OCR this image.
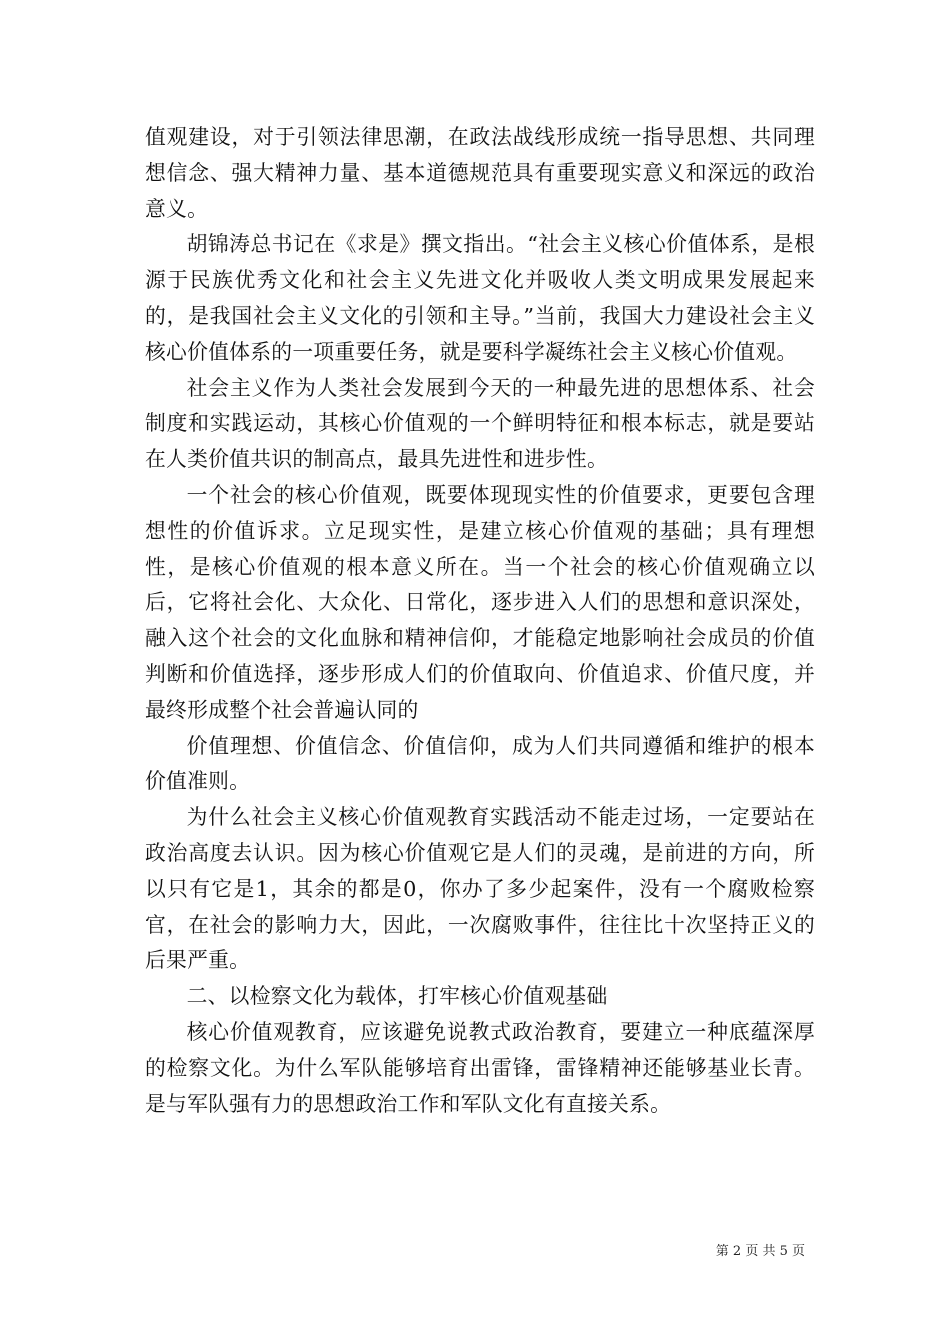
值观建设，对于引领法律思潮，在政法战线形成统一指导思想、共同理想信念、强大精神力量、基本道德规范具有重要现实意义和深远的政治意义。

胡锦涛总书记在《求是》撰文指出。“社会主义核心价值体系，是根源于民族优秀文化和社会主义先进文化并吸收人类文明成果发展起来的，是我国社会主义文化的引领和主导。”当前，我国大力建设社会主义核心价值体系的一项重要任务，就是要科学凝练社会主义核心价值观。

社会主义作为人类社会发展到今天的一种最先进的思想体系、社会制度和实践运动，其核心价值观的一个鲜明特征和根本标志，就是要站在人类价值共识的制高点，最具先进性和进步性。

一个社会的核心价值观，既要体现现实性的价值要求，更要包含理想性的价值诉求。立足现实性，是建立核心价值观的基础；具有理想性，是核心价值观的根本意义所在。当一个社会的核心价值观确立以后，它将社会化、大众化、日常化，逐步进入人们的思想和意识深处，融入这个社会的文化血脉和精神信仰，才能稳定地影响社会成员的价值判断和价值选择，逐步形成人们的价值取向、价值追求、价值尺度，并最终形成整个社会普遍认同的

价值理想、价值信念、价值信仰，成为人们共同遵循和维护的根本价值准则。

为什么社会主义核心价值观教育实践活动不能走过场，一定要站在政治高度去认识。因为核心价值观它是人们的灵魂，是前进的方向，所以只有它是1，其余的都是0，你办了多少起案件，没有一个腐败检察官，在社会的影响力大，因此，一次腐败事件，往往比十次坚持正义的后果严重。

二、以检察文化为载体，打牢核心价值观基础

核心价值观教育，应该避免说教式政治教育，要建立一种底蕴深厚的检察文化。为什么军队能够培育出雷锋，雷锋精神还能够基业长青。是与军队强有力的思想政治工作和军队文化有直接关系。

第 2 页 共 5 页
